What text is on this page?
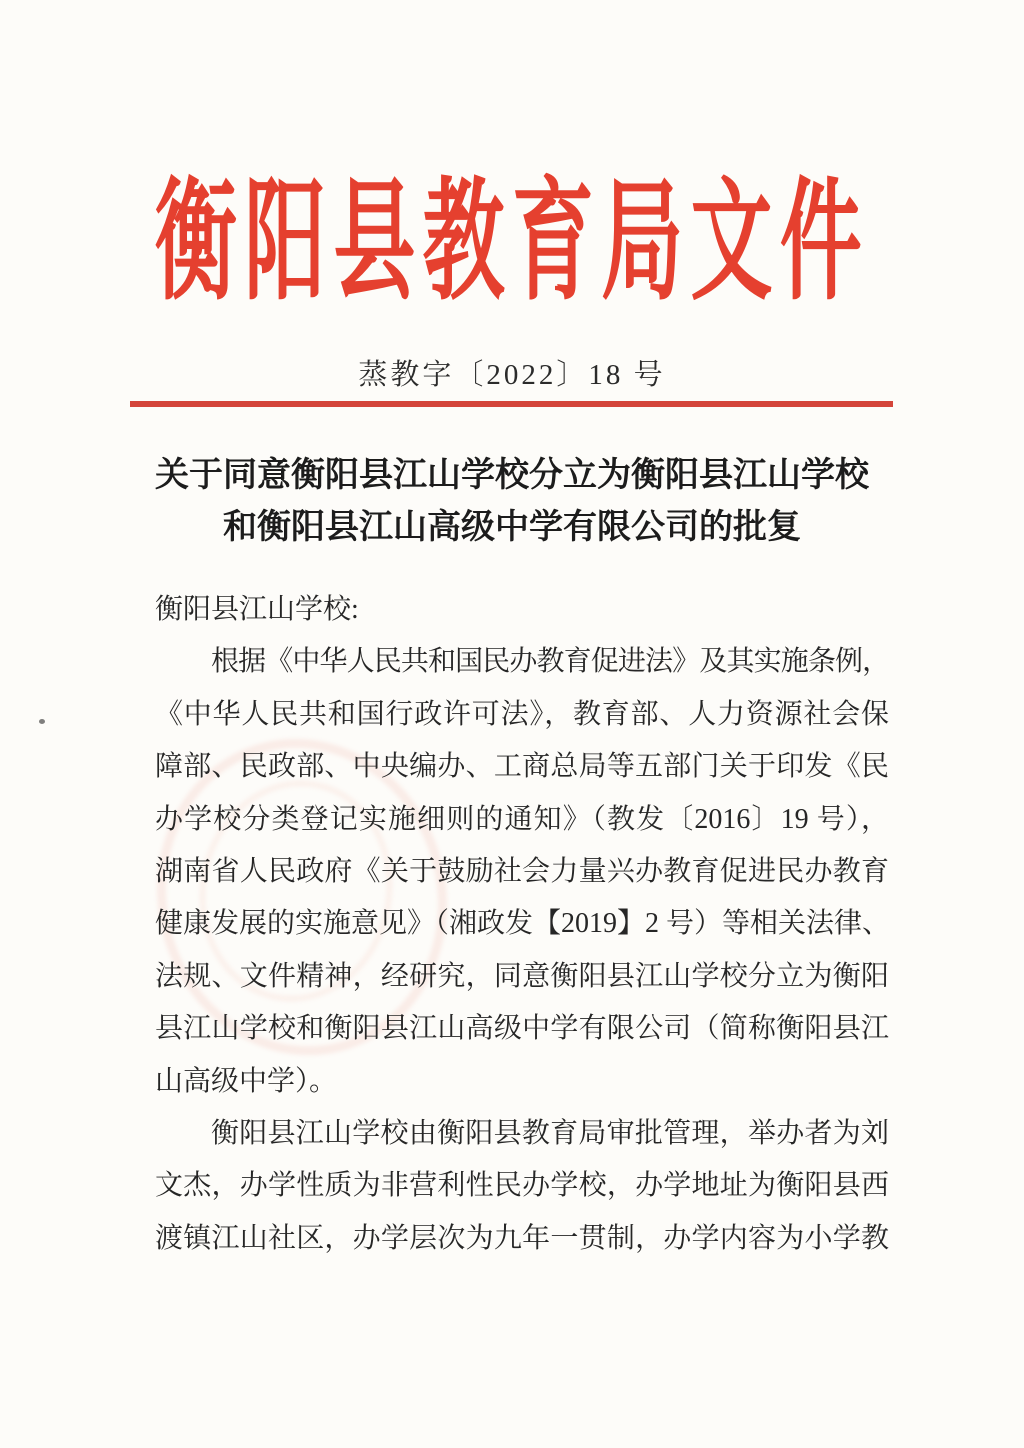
衡阳县教育局文件
蒸教字〔2022〕18 号
关于同意衡阳县江山学校分立为衡阳县江山学校
和衡阳县江山高级中学有限公司的批复
衡阳县江山学校:
根据《中华人民共和国民办教育促进法》及其实施条例，
《中华人民共和国行政许可法》，教育部、人力资源社会保
障部、民政部、中央编办、工商总局等五部门关于印发《民
办学校分类登记实施细则的通知》（教发〔2016〕19 号），
湖南省人民政府《关于鼓励社会力量兴办教育促进民办教育
健康发展的实施意见》（湘政发【2019】2 号）等相关法律、
法规、文件精神，经研究，同意衡阳县江山学校分立为衡阳
县江山学校和衡阳县江山高级中学有限公司（简称衡阳县江
山高级中学）。
衡阳县江山学校由衡阳县教育局审批管理，举办者为刘
文杰，办学性质为非营利性民办学校，办学地址为衡阳县西
渡镇江山社区，办学层次为九年一贯制，办学内容为小学教
